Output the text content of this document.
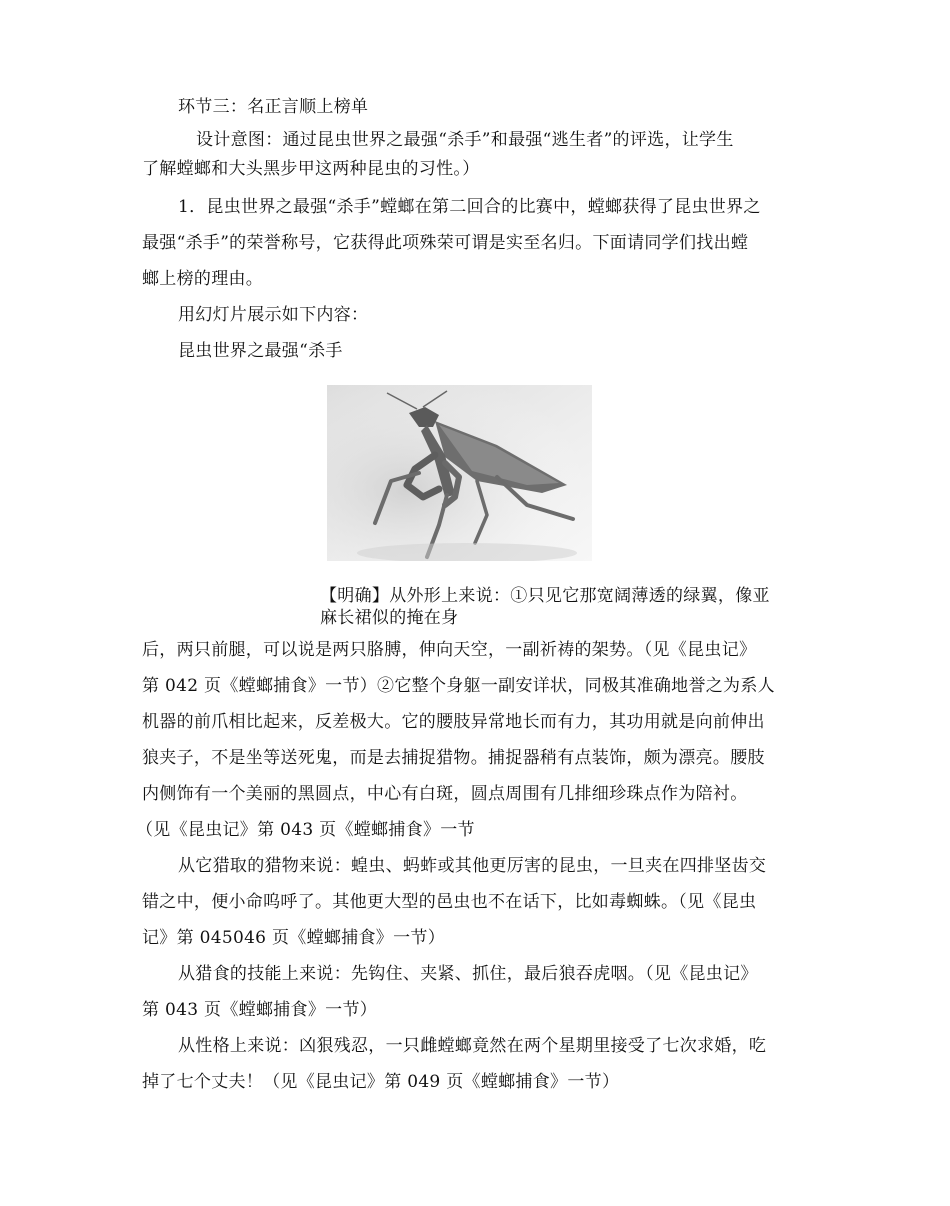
环节三：名正言顺上榜单
设计意图：通过昆虫世界之最强“杀手”和最强“逃生者”的评选，让学生
了解螳螂和大头黑步甲这两种昆虫的习性。）
1．昆虫世界之最强“杀手”螳螂在第二回合的比赛中，螳螂获得了昆虫世界之
最强“杀手”的荣誉称号，它获得此项殊荣可谓是实至名归。下面请同学们找出螳
螂上榜的理由。
用幻灯片展示如下内容：
昆虫世界之最强“杀手
【明确】从外形上来说：①只见它那宽阔薄透的绿翼，像亚
麻长裙似的掩在身
后，两只前腿，可以说是两只胳膊，伸向天空，一副祈祷的架势。（见《昆虫记》
第 042 页《螳螂捕食》一节）②它整个身躯一副安详状，同极其准确地誉之为系人
机器的前爪相比起来，反差极大。它的腰肢异常地长而有力，其功用就是向前伸出
狼夹子，不是坐等送死鬼，而是去捕捉猎物。捕捉器稍有点装饰，颇为漂亮。腰肢
内侧饰有一个美丽的黑圆点，中心有白斑，圆点周围有几排细珍珠点作为陪衬。
（见《昆虫记》第 043 页《螳螂捕食》一节
从它猎取的猎物来说：蝗虫、蚂蚱或其他更厉害的昆虫，一旦夹在四排坚齿交
错之中，便小命呜呼了。其他更大型的邑虫也不在话下，比如毒蜘蛛。（见《昆虫
记》第 045046 页《螳螂捕食》一节）
从猎食的技能上来说：先钩住、夹紧、抓住，最后狼吞虎咽。（见《昆虫记》
第 043 页《螳螂捕食》一节）
从性格上来说：凶狠残忍，一只雌螳螂竟然在两个星期里接受了七次求婚，吃
掉了七个丈夫！（见《昆虫记》第 049 页《螳螂捕食》一节）
